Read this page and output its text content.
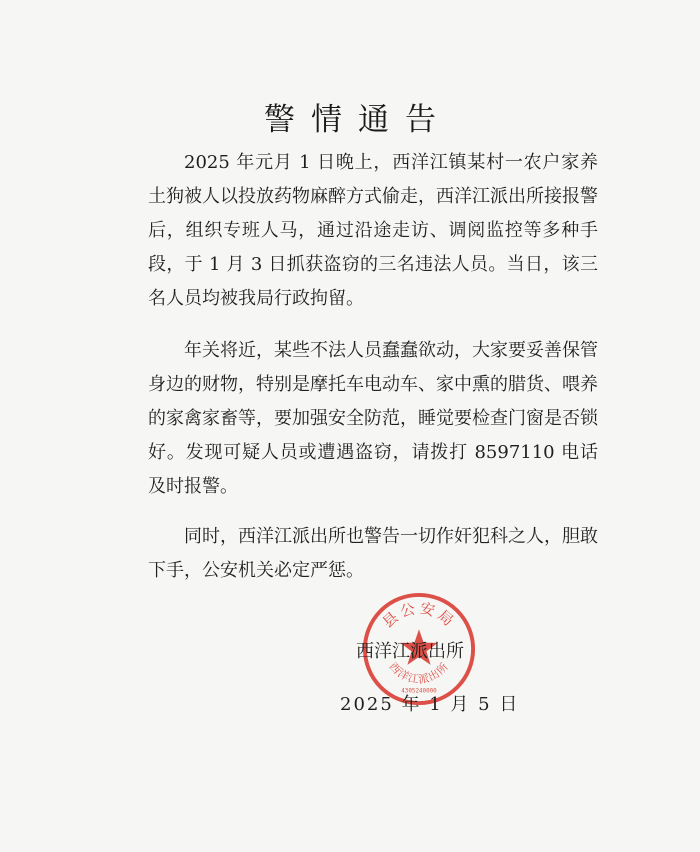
警情通告

2025 年元月 1 日晚上，西洋江镇某村一农户家养土狗被人以投放药物麻醉方式偷走，西洋江派出所接报警后，组织专班人马，通过沿途走访、调阅监控等多种手段，于 1 月 3 日抓获盗窃的三名违法人员。当日，该三名人员均被我局行政拘留。

年关将近，某些不法人员蠢蠢欲动，大家要妥善保管身边的财物，特别是摩托车电动车、家中熏的腊货、喂养的家禽家畜等，要加强安全防范，睡觉要检查门窗是否锁好。发现可疑人员或遭遇盗窃，请拨打 8597110 电话及时报警。

同时，西洋江派出所也警告一切作奸犯科之人，胆敢下手，公安机关必定严惩。

县公安局
西洋江派出所
4305240000
西洋江派出所
2025 年 1 月 5 日
